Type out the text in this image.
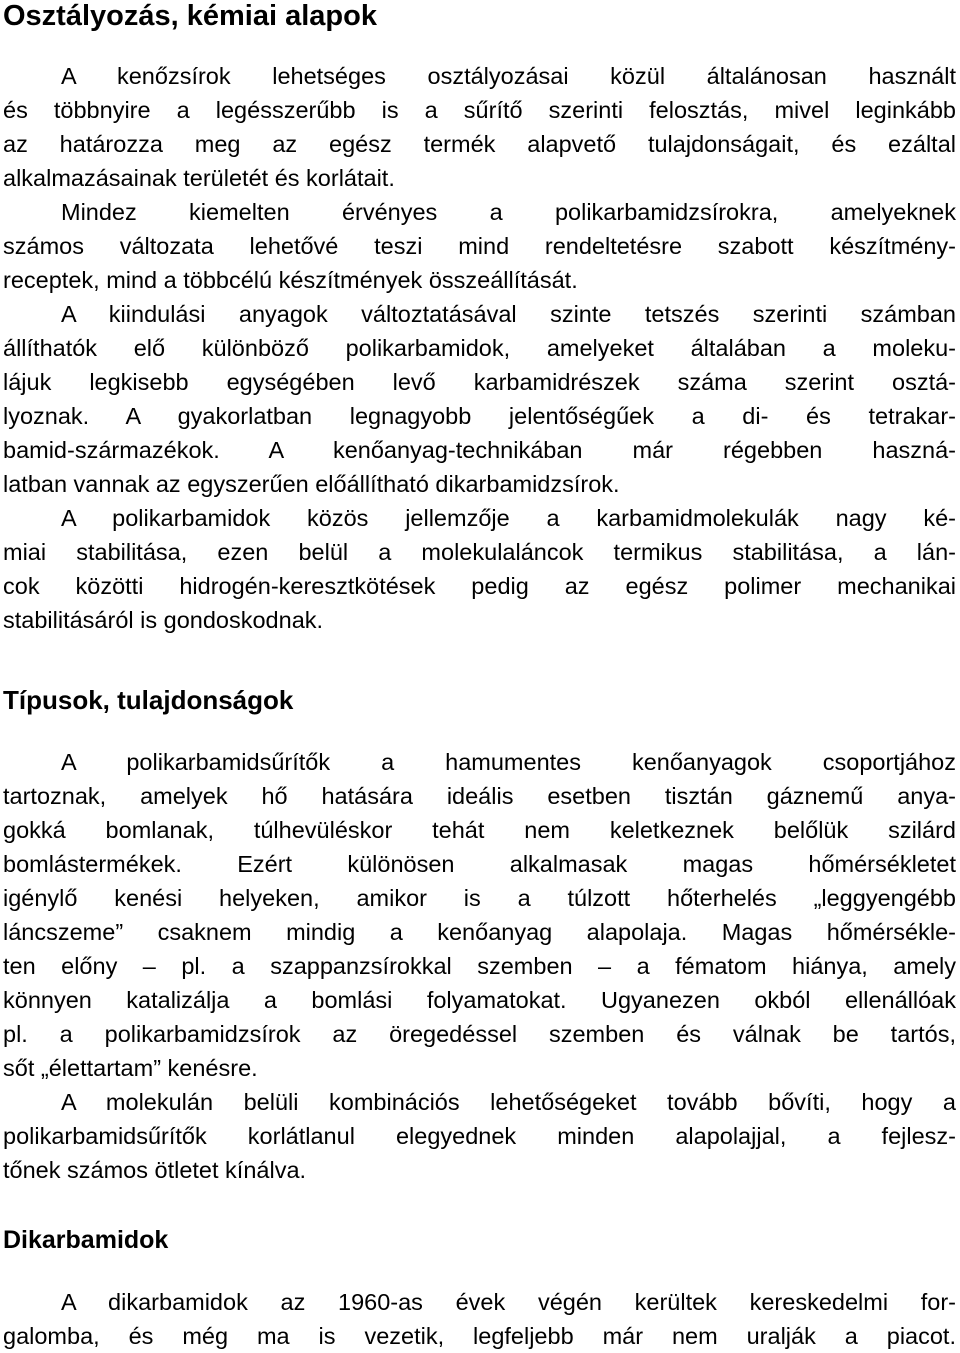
Osztályozás, kémiai alapok
A kenőzsírok lehetséges osztályozásai közül általánosan használt
és többnyire a legésszerűbb is a sűrítő szerinti felosztás, mivel leginkább
az határozza meg az egész termék alapvető tulajdonságait, és ezáltal
alkalmazásainak területét és korlátait.
Mindez kiemelten érvényes a polikarbamidzsírokra, amelyeknek
számos változata lehetővé teszi mind rendeltetésre szabott készítmény-
receptek, mind a többcélú készítmények összeállítását.
A kiindulási anyagok változtatásával szinte tetszés szerinti számban
állíthatók elő különböző polikarbamidok, amelyeket általában a moleku-
lájuk legkisebb egységében levő karbamidrészek száma szerint osztá-
lyoznak. A gyakorlatban legnagyobb jelentőségűek a di- és tetrakar-
bamid-származékok. A kenőanyag-technikában már régebben haszná-
latban vannak az egyszerűen előállítható dikarbamidzsírok.
A polikarbamidok közös jellemzője a karbamidmolekulák nagy ké-
miai stabilitása, ezen belül a molekulaláncok termikus stabilitása, a lán-
cok közötti hidrogén-keresztkötések pedig az egész polimer mechanikai
stabilitásáról is gondoskodnak.
Típusok, tulajdonságok
A polikarbamidsűrítők a hamumentes kenőanyagok csoportjához
tartoznak, amelyek hő hatására ideális esetben tisztán gáznemű anya-
gokká bomlanak, túlhevüléskor tehát nem keletkeznek belőlük szilárd
bomlástermékek. Ezért különösen alkalmasak magas hőmérsékletet
igénylő kenési helyeken, amikor is a túlzott hőterhelés „leggyengébb
láncszeme” csaknem mindig a kenőanyag alapolaja. Magas hőmérsékle-
ten előny – pl. a szappanzsírokkal szemben – a fématom hiánya, amely
könnyen katalizálja a bomlási folyamatokat. Ugyanezen okból ellenállóak
pl. a polikarbamidzsírok az öregedéssel szemben és válnak be tartós,
sőt „élettartam” kenésre.
A molekulán belüli kombinációs lehetőségeket tovább bővíti, hogy a
polikarbamidsűrítők korlátlanul elegyednek minden alapolajjal, a fejlesz-
tőnek számos ötletet kínálva.
Dikarbamidok
A dikarbamidok az 1960-as évek végén kerültek kereskedelmi for-
galomba, és még ma is vezetik, legfeljebb már nem uralják a piacot.
